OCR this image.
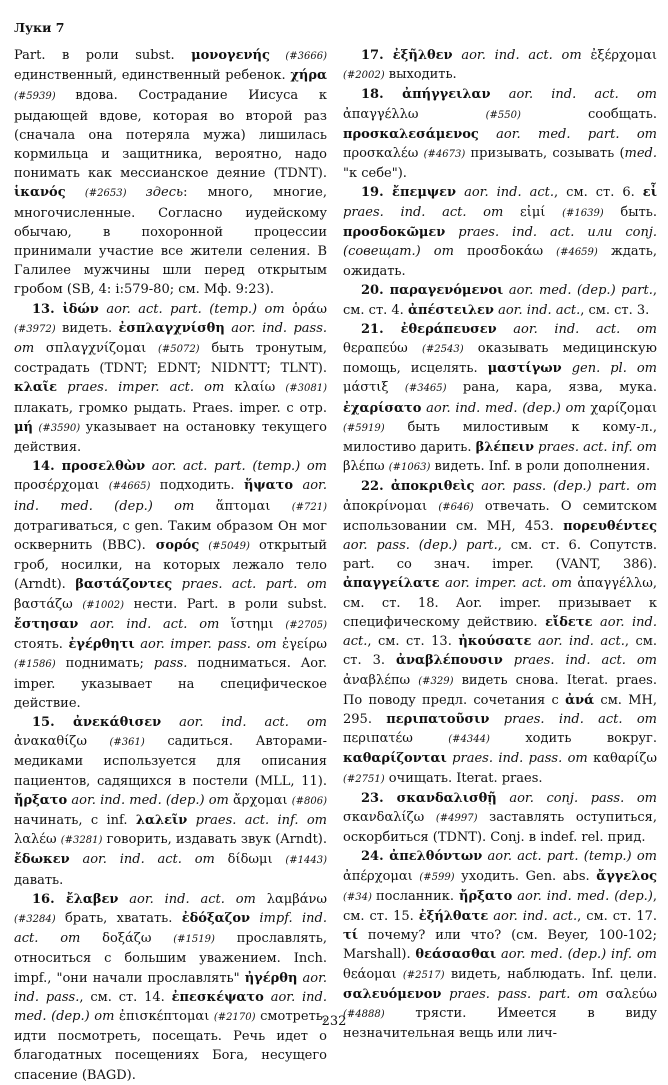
Луки 7

Part. в роли subst. μονογενής (#3666) единственный, единственный ребенок. χήρα (#5939) вдова. Сострадание Иисуса к рыдающей вдове, которая во второй раз (сначала она потеряла мужа) лишилась кормильца и защитника, вероятно, надо понимать как мессианское деяние (TDNT). ἱκανός (#2653) здесь: много, многие, многочисленные. Согласно иудейскому обычаю, в похоронной процессии принимали участие все жители селения. В Галилее мужчины шли перед открытым гробом (SB, 4: i:579-80; см. Мф. 9:23).

13. ἰδών aor. act. part. (temp.) от ὁράω (#3972) видеть. ἐσπλαγχνίσθη aor. ind. pass. от σπλαγχνίζομαι (#5072) быть тронутым, сострадать (TDNT; EDNT; NIDNTT; TLNT). κλαῖε praes. imper. act. от κλαίω (#3081) плакать, громко рыдать. Praes. imper. с отр. μή (#3590) указывает на остановку текущего действия.

14. προσελθὼν aor. act. part. (temp.) от προσέρχομαι (#4665) подходить. ἥψατο aor. ind. med. (dep.) от ἅπτομαι (#721) дотрагиваться, с gen. Таким образом Он мог осквернить (BBC). σορός (#5049) открытый гроб, носилки, на которых лежало тело (Arndt). βαστάζοντες praes. act. part. от βαστάζω (#1002) нести. Part. в роли subst. ἔστησαν aor. ind. act. от ἵστημι (#2705) стоять. ἐγέρθητι aor. imper. pass. от ἐγείρω (#1586) поднимать; pass. подниматься. Aor. imper. указывает на специфическое действие.

15. ἀνεκάθισεν aor. ind. act. от ἀνακαθίζω (#361) садиться. Авторами-медиками используется для описания пациентов, садящихся в постели (MLL, 11). ἤρξατο aor. ind. med. (dep.) от ἄρχομαι (#806) начинать, с inf. λαλεῖν praes. act. inf. от λαλέω (#3281) говорить, издавать звук (Arndt). ἔδωκεν aor. ind. act. от δίδωμι (#1443) давать.

16. ἔλαβεν aor. ind. act. от λαμβάνω (#3284) брать, хватать. ἐδόξαζον impf. ind. act. от δοξάζω (#1519) прославлять, относиться с большим уважением. Inch. impf., "они начали прославлять" ἠγέρθη aor. ind. pass., см. ст. 14. ἐπεσκέψατο aor. ind. med. (dep.) от ἐπισκέπτομαι (#2170) смотреть, идти посмотреть, посещать. Речь идет о благодатных посещениях Бога, несущего спасение (BAGD).

17. ἐξῆλθεν aor. ind. act. от ἐξέρχομαι (#2002) выходить.

18. ἀπήγγειλαν aor. ind. act. от ἀπαγγέλλω (#550) сообщать. προσκαλεσάμενος aor. med. part. от προσκαλέω (#4673) призывать, созывать (med. "к себе").

19. ἔπεμψεν aor. ind. act., см. ст. 6. εἶ praes. ind. act. от εἰμί (#1639) быть. προσδοκῶμεν praes. ind. act. или conj. (совещат.) от προσδοκάω (#4659) ждать, ожидать.

20. παραγενόμενοι aor. med. (dep.) part., см. ст. 4. ἀπέστειλεν aor. ind. act., см. ст. 3.

21. ἐθεράπευσεν aor. ind. act. от θεραπεύω (#2543) оказывать медицинскую помощь, исцелять. μαστίγων gen. pl. от μάστιξ (#3465) рана, кара, язва, мука. ἐχαρίσατο aor. ind. med. (dep.) от χαρίζομαι (#5919) быть милостивым к кому-л., милостиво дарить. βλέπειν praes. act. inf. от βλέπω (#1063) видеть. Inf. в роли дополнения.

22. ἀποκριθεὶς aor. pass. (dep.) part. от ἀποκρίνομαι (#646) отвечать. О семитском использовании см. MH, 453. πορευθέντες aor. pass. (dep.) part., см. ст. 6. Сопутств. part. со знач. imper. (VANT, 386). ἀπαγγείλατε aor. imper. act. от ἀπαγγέλλω, см. ст. 18. Aor. imper. призывает к специфическому действию. εἴδετε aor. ind. act., см. ст. 13. ἠκούσατε aor. ind. act., см. ст. 3. ἀναβλέπουσιν praes. ind. act. от ἀναβλέπω (#329) видеть снова. Iterat. praes. По поводу предл. сочетания с ἀνά см. MH, 295. περιπατοῦσιν praes. ind. act. от περιπατέω (#4344) ходить вокруг. καθαρίζονται praes. ind. pass. от καθαρίζω (#2751) очищать. Iterat. praes.

23. σκανδαλισθῇ aor. conj. pass. от σκανδαλίζω (#4997) заставлять оступиться, оскорбиться (TDNT). Conj. в indef. rel. прид.

24. ἀπελθόντων aor. act. part. (temp.) от ἀπέρχομαι (#599) уходить. Gen. abs. ἄγγελος (#34) посланник. ἤρξατο aor. ind. med. (dep.), см. ст. 15. ἐξήλθατε aor. ind. act., см. ст. 17. τί почему? или что? (см. Beyer, 100-102; Marshall). θεάσασθαι aor. med. (dep.) inf. от θεάομαι (#2517) видеть, наблюдать. Inf. цели. σαλευόμενον praes. pass. part. от σαλεύω (#4888) трясти. Имеется в виду незначительная вещь или лич-

232
